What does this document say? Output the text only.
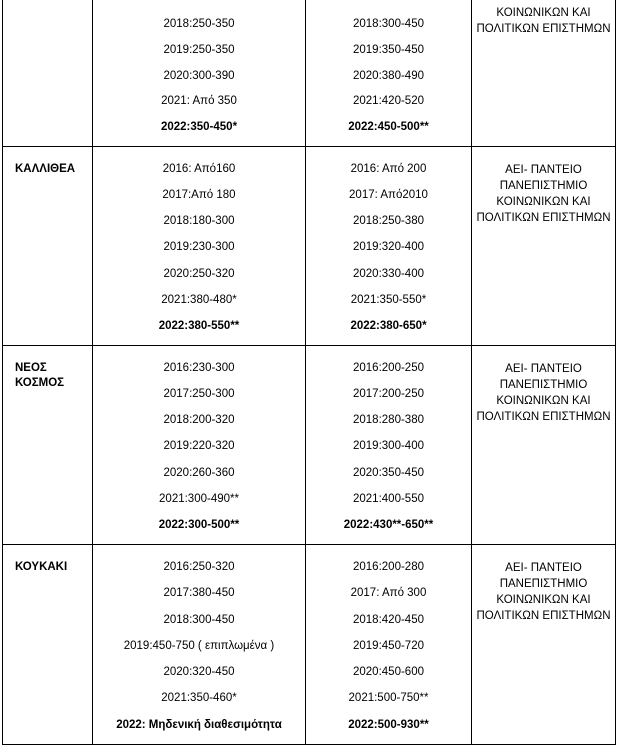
2018:250-350
2019:250-350
2020:300-390
2021: Από 350
2022:350-450*
2018:300-450
2019:350-450
2020:380-490
2021:420-520
2022:450-500**
ΚΟΙΝΩΝΙΚΩΝ ΚΑΙ
ΠΟΛΙΤΙΚΩΝ ΕΠΙΣΤΗΜΩΝ
ΚΑΛΛΙΘΕΑ	2016: Από160
2017:Από 180
2018:180-300
2019:230-300
2020:250-320
2021:380-480*
2022:380-550**
2016: Από 200
2017: Από2010
2018:250-380
2019:320-400
2020:330-400
2021:350-550*
2022:380-650*
ΑΕΙ- ΠΑΝΤΕΙΟ
ΠΑΝΕΠΙΣΤΗΜΙΟ
ΚΟΙΝΩΝΙΚΩΝ ΚΑΙ
ΠΟΛΙΤΙΚΩΝ ΕΠΙΣΤΗΜΩΝ
ΝΕΟΣ
ΚΟΣΜΟΣ
2016:230-300
2017:250-300
2018:200-320
2019:220-320
2020:260-360
2021:300-490**
2022:300-500**
2016:200-250
2017:200-250
2018:280-380
2019:300-400
2020:350-450
2021:400-550
2022:430**-650**
ΑΕΙ- ΠΑΝΤΕΙΟ
ΠΑΝΕΠΙΣΤΗΜΙΟ
ΚΟΙΝΩΝΙΚΩΝ ΚΑΙ
ΠΟΛΙΤΙΚΩΝ ΕΠΙΣΤΗΜΩΝ
ΚΟΥΚΑΚΙ	2016:250-320
2017:380-450
2018:300-450
2019:450-750 ( επιπλωμένα )
2020:320-450
2021:350-460*
2022: Μηδενική διαθεσιμότητα
2016:200-280
2017: Από 300
2018:420-450
2019:450-720
2020:450-600
2021:500-750**
2022:500-930**
ΑΕΙ- ΠΑΝΤΕΙΟ
ΠΑΝΕΠΙΣΤΗΜΙΟ
ΚΟΙΝΩΝΙΚΩΝ ΚΑΙ
ΠΟΛΙΤΙΚΩΝ ΕΠΙΣΤΗΜΩΝ
